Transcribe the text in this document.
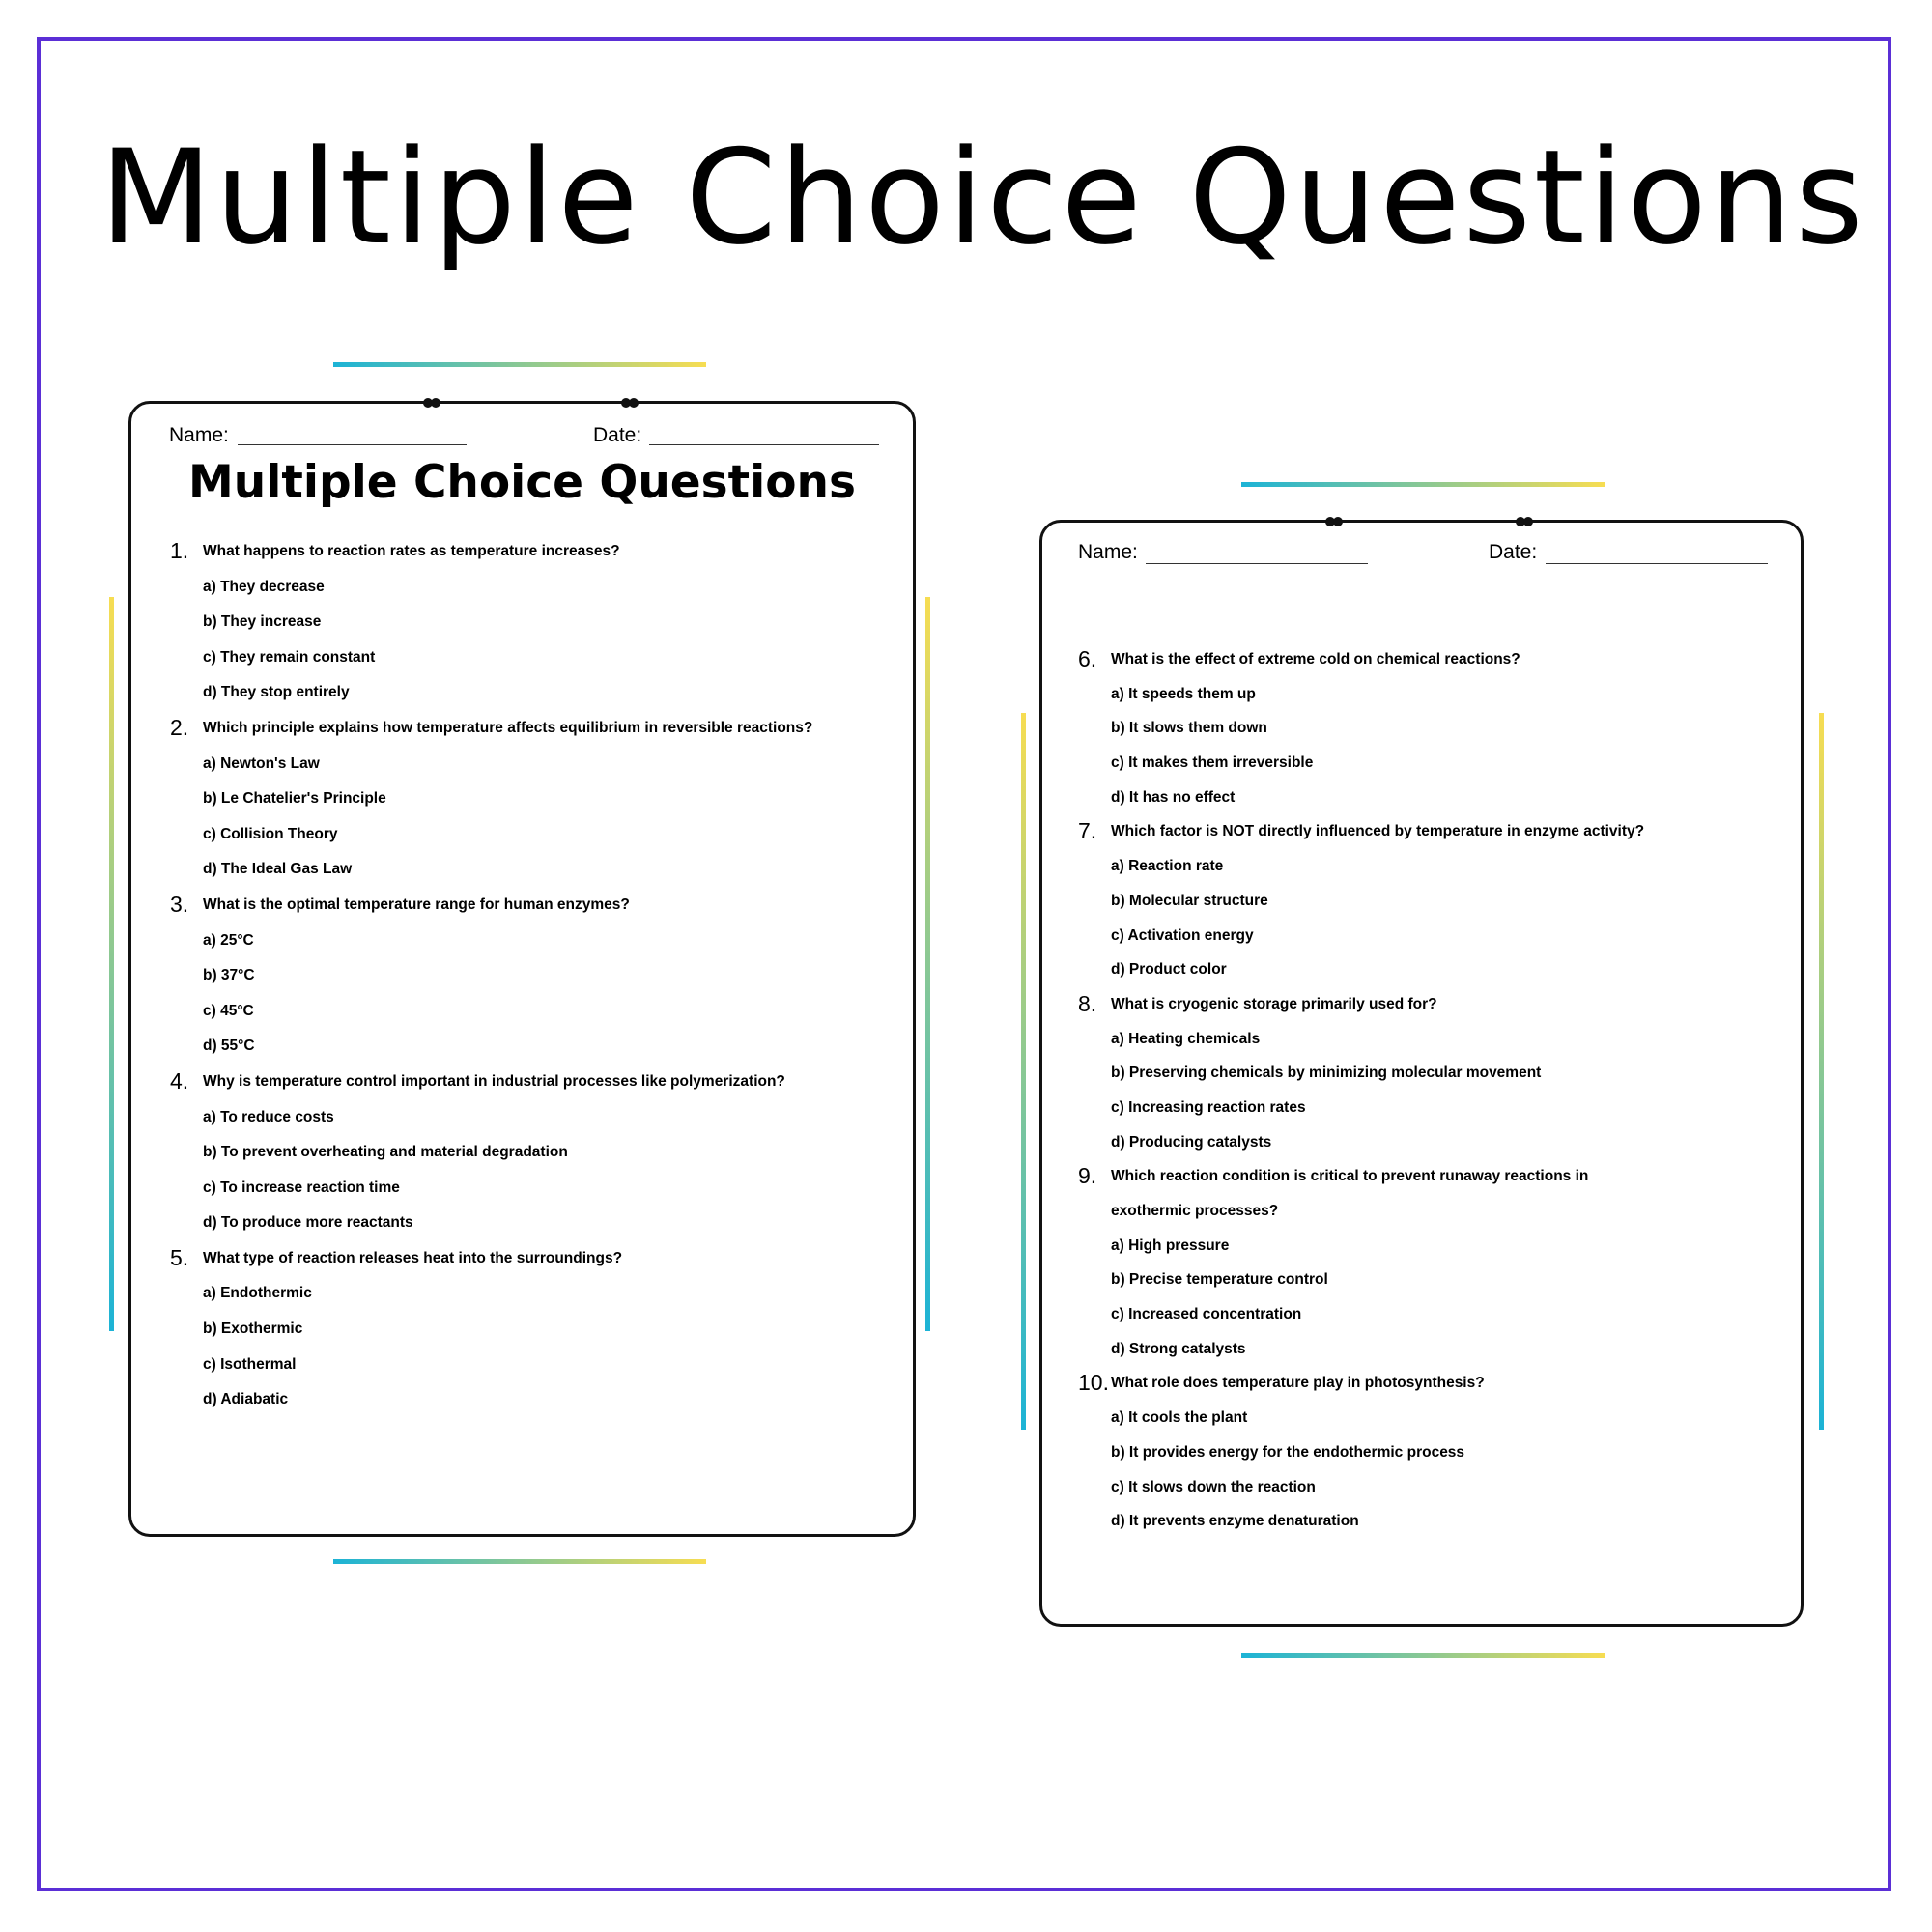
Multiple Choice Questions
Name:	Date:
Multiple Choice Questions
1. What happens to reaction rates as temperature increases?
a) They decrease
b) They increase
c) They remain constant
d) They stop entirely
2. Which principle explains how temperature affects equilibrium in reversible reactions?
a) Newton's Law
b) Le Chatelier's Principle
c) Collision Theory
d) The Ideal Gas Law
3. What is the optimal temperature range for human enzymes?
a) 25°C
b) 37°C
c) 45°C
d) 55°C
4. Why is temperature control important in industrial processes like polymerization?
a) To reduce costs
b) To prevent overheating and material degradation
c) To increase reaction time
d) To produce more reactants
5. What type of reaction releases heat into the surroundings?
a) Endothermic
b) Exothermic
c) Isothermal
d) Adiabatic
Name:	Date:
6. What is the effect of extreme cold on chemical reactions?
a) It speeds them up
b) It slows them down
c) It makes them irreversible
d) It has no effect
7. Which factor is NOT directly influenced by temperature in enzyme activity?
a) Reaction rate
b) Molecular structure
c) Activation energy
d) Product color
8. What is cryogenic storage primarily used for?
a) Heating chemicals
b) Preserving chemicals by minimizing molecular movement
c) Increasing reaction rates
d) Producing catalysts
9. Which reaction condition is critical to prevent runaway reactions in
exothermic processes?
a) High pressure
b) Precise temperature control
c) Increased concentration
d) Strong catalysts
10. What role does temperature play in photosynthesis?
a) It cools the plant
b) It provides energy for the endothermic process
c) It slows down the reaction
d) It prevents enzyme denaturation
